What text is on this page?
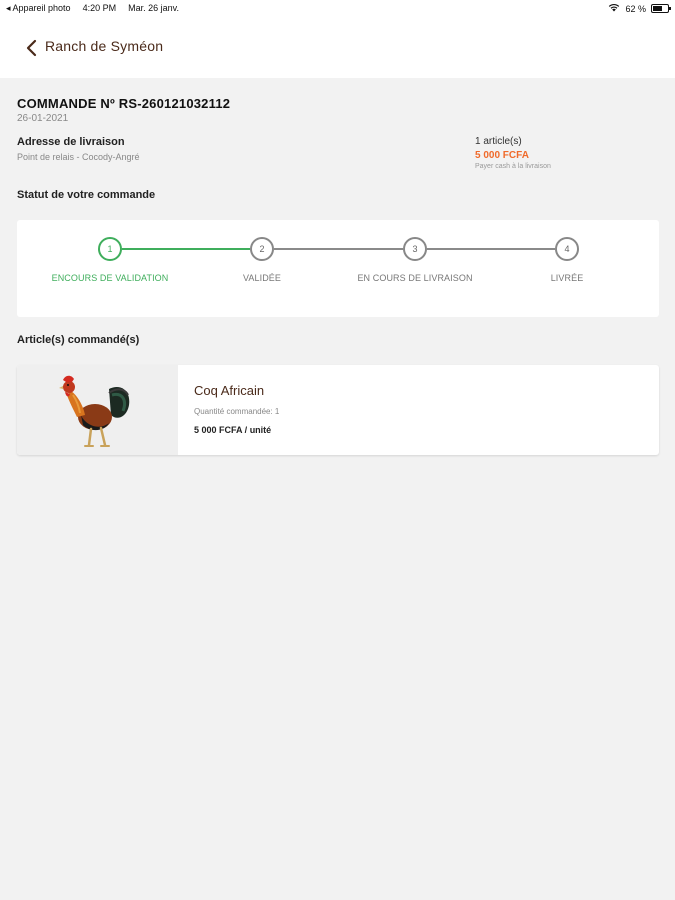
◂ Appareil photo 4:20 PM Mar. 26 janv.	62 %
Ranch de Syméon
COMMANDE Nº RS-260121032112
26-01-2021
Adresse de livraison
Point de relais - Cocody-Angré
1 article(s)
5 000 FCFA
Payer cash à la livraison
Statut de votre commande
1	2	3	4
ENCOURS DE VALIDATION	VALIDÉE	EN COURS DE LIVRAISON	LIVRÉE
Article(s) commandé(s)
Coq Africain
Quantité commandée: 1
5 000 FCFA / unité
